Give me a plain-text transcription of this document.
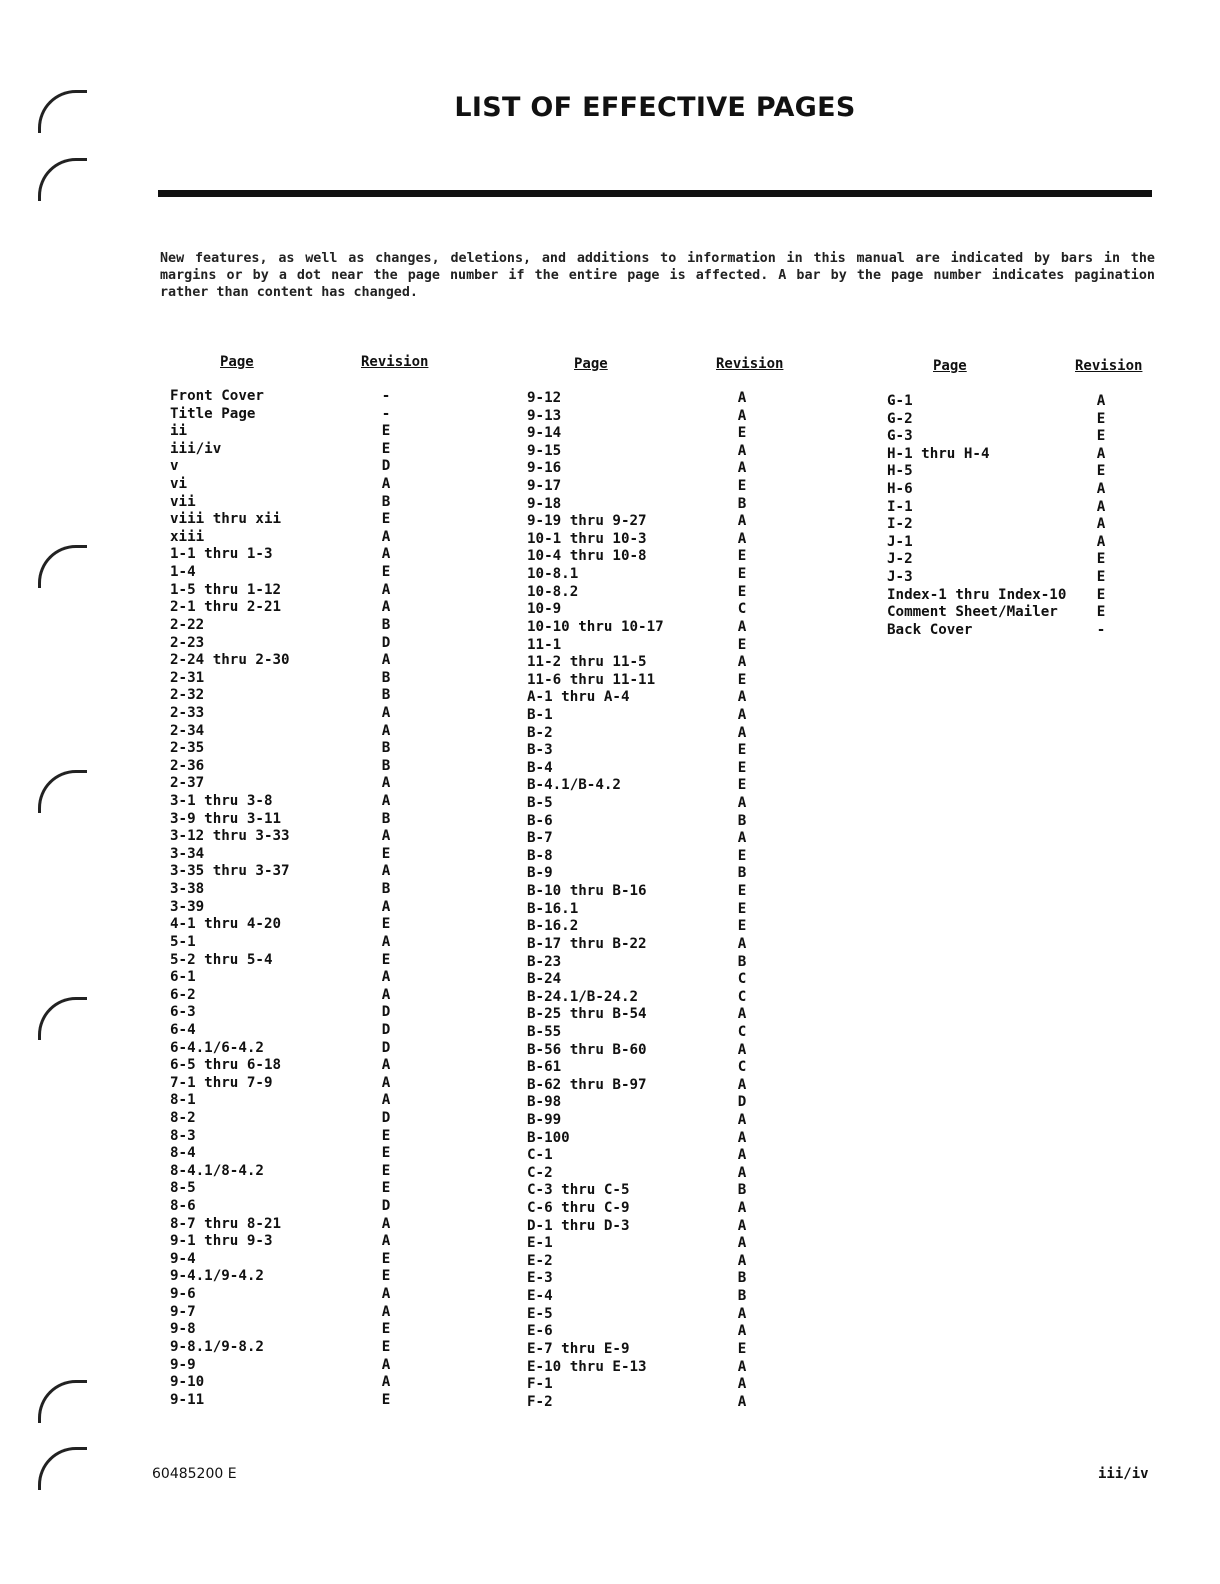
LIST OF EFFECTIVE PAGES
New features, as well as changes, deletions, and additions to information in this manual are indicated by bars in the margins or by a dot near the page number if the entire page is affected. A bar by the page number indicates pagination rather than content has changed.
Page	Revision
Front Cover	-
Title Page	-
ii	E
iii/iv	E
v	D
vi	A
vii	B
viii thru xii	E
xiii	A
1-1 thru 1-3	A
1-4	E
1-5 thru 1-12	A
2-1 thru 2-21	A
2-22	B
2-23	D
2-24 thru 2-30	A
2-31	B
2-32	B
2-33	A
2-34	A
2-35	B
2-36	B
2-37	A
3-1 thru 3-8	A
3-9 thru 3-11	B
3-12 thru 3-33	A
3-34	E
3-35 thru 3-37	A
3-38	B
3-39	A
4-1 thru 4-20	E
5-1	A
5-2 thru 5-4	E
6-1	A
6-2	A
6-3	D
6-4	D
6-4.1/6-4.2	D
6-5 thru 6-18	A
7-1 thru 7-9	A
8-1	A
8-2	D
8-3	E
8-4	E
8-4.1/8-4.2	E
8-5	E
8-6	D
8-7 thru 8-21	A
9-1 thru 9-3	A
9-4	E
9-4.1/9-4.2	E
9-6	A
9-7	A
9-8	E
9-8.1/9-8.2	E
9-9	A
9-10	A
9-11	E
Page	Revision
9-12	A
9-13	A
9-14	E
9-15	A
9-16	A
9-17	E
9-18	B
9-19 thru 9-27	A
10-1 thru 10-3	A
10-4 thru 10-8	E
10-8.1	E
10-8.2	E
10-9	C
10-10 thru 10-17	A
11-1	E
11-2 thru 11-5	A
11-6 thru 11-11	E
A-1 thru A-4	A
B-1	A
B-2	A
B-3	E
B-4	E
B-4.1/B-4.2	E
B-5	A
B-6	B
B-7	A
B-8	E
B-9	B
B-10 thru B-16	E
B-16.1	E
B-16.2	E
B-17 thru B-22	A
B-23	B
B-24	C
B-24.1/B-24.2	C
B-25 thru B-54	A
B-55	C
B-56 thru B-60	A
B-61	C
B-62 thru B-97	A
B-98	D
B-99	A
B-100	A
C-1	A
C-2	A
C-3 thru C-5	B
C-6 thru C-9	A
D-1 thru D-3	A
E-1	A
E-2	A
E-3	B
E-4	B
E-5	A
E-6	A
E-7 thru E-9	E
E-10 thru E-13	A
F-1	A
F-2	A
Page	Revision
G-1	A
G-2	E
G-3	E
H-1 thru H-4	A
H-5	E
H-6	A
I-1	A
I-2	A
J-1	A
J-2	E
J-3	E
Index-1 thru Index-10	E
Comment Sheet/Mailer	E
Back Cover	-
60485200 E	iii/iv
